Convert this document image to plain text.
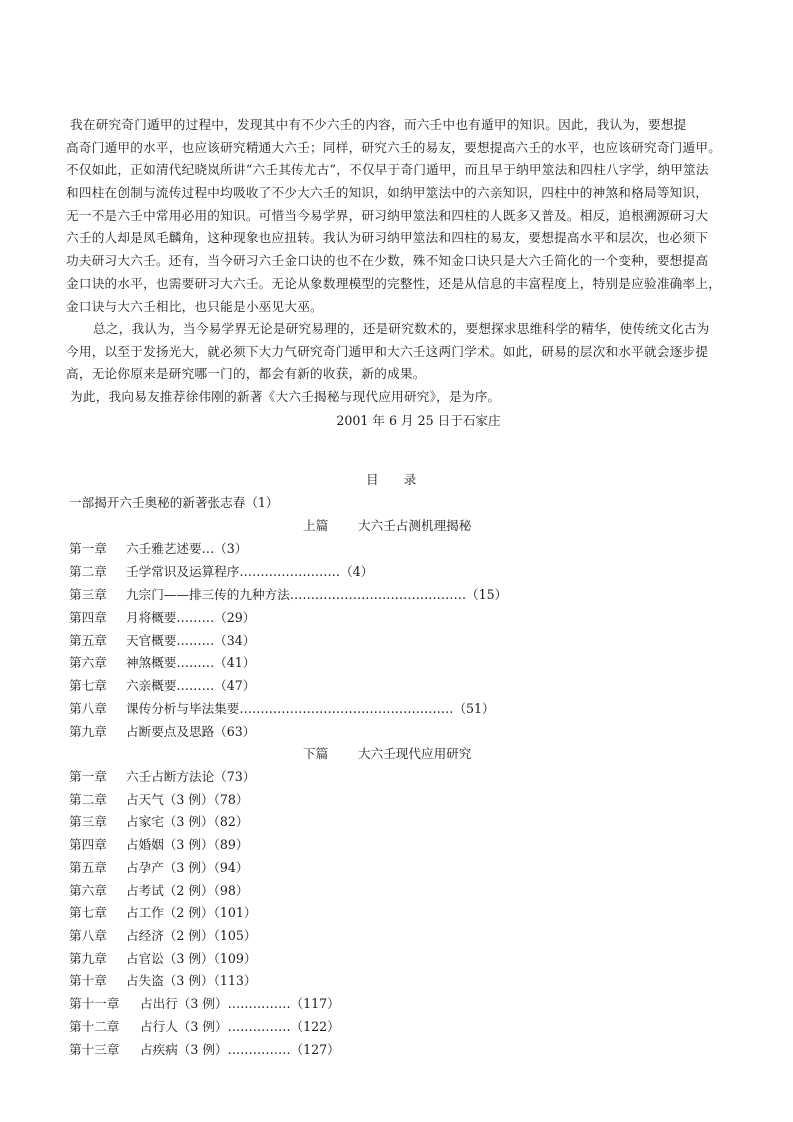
我在研究奇门遁甲的过程中，发现其中有不少六壬的内容，而六壬中也有遁甲的知识。因此，我认为，要想提
高奇门遁甲的水平，也应该研究精通大六壬；同样，研究六壬的易友，要想提高六壬的水平，也应该研究奇门遁甲。
不仅如此，正如清代纪晓岚所讲“六壬其传尤古”，不仅早于奇门遁甲，而且早于纳甲筮法和四柱八字学，纳甲筮法
和四柱在创制与流传过程中均吸收了不少大六壬的知识，如纳甲筮法中的六亲知识，四柱中的神煞和格局等知识，
无一不是六壬中常用必用的知识。可惜当今易学界，研习纳甲筮法和四柱的人既多又普及。相反，追根溯源研习大
六壬的人却是凤毛麟角，这种现象也应扭转。我认为研习纳甲筮法和四柱的易友，要想提高水平和层次，也必须下
功夫研习大六壬。还有，当今研习六壬金口诀的也不在少数，殊不知金口诀只是大六壬简化的一个变种，要想提高
金口诀的水平，也需要研习大六壬。无论从象数理模型的完整性，还是从信息的丰富程度上，特别是应验准确率上，
金口诀与大六壬相比，也只能是小巫见大巫。
总之，我认为，当今易学界无论是研究易理的，还是研究数术的，要想探求思维科学的精华，使传统文化古为
今用，以至于发扬光大，就必须下大力气研究奇门遁甲和大六壬这两门学术。如此，研易的层次和水平就会逐步提
高，无论你原来是研究哪一门的，都会有新的收获，新的成果。
为此，我向易友推荐徐伟刚的新著《大六壬揭秘与现代应用研究》，是为序。
2001 年 6 月 25 日于石家庄
目　　录
一部揭开六壬奥秘的新著张志春（1）
上篇 大六壬占测机理揭秘
第一章 六壬雅艺述要…（3）
第二章 壬学常识及运算程序……………………（4）
第三章 九宗门——排三传的九种方法……………………………………（15）
第四章 月将概要………（29）
第五章 天官概要………（34）
第六章 神煞概要………（41）
第七章 六亲概要………（47）
第八章 课传分析与毕法集要……………………………………………（51）
第九章 占断要点及思路（63）
下篇 大六壬现代应用研究
第一章 六壬占断方法论（73）
第二章 占天气（3 例）（78）
第三章 占家宅（3 例）（82）
第四章 占婚姻（3 例）（89）
第五章 占孕产（3 例）（94）
第六章 占考试（2 例）（98）
第七章 占工作（2 例）（101）
第八章 占经济（2 例）（105）
第九章 占官讼（3 例）（109）
第十章 占失盗（3 例）（113）
第十一章 占出行（3 例）……………（117）
第十二章 占行人（3 例）……………（122）
第十三章 占疾病（3 例）……………（127）
